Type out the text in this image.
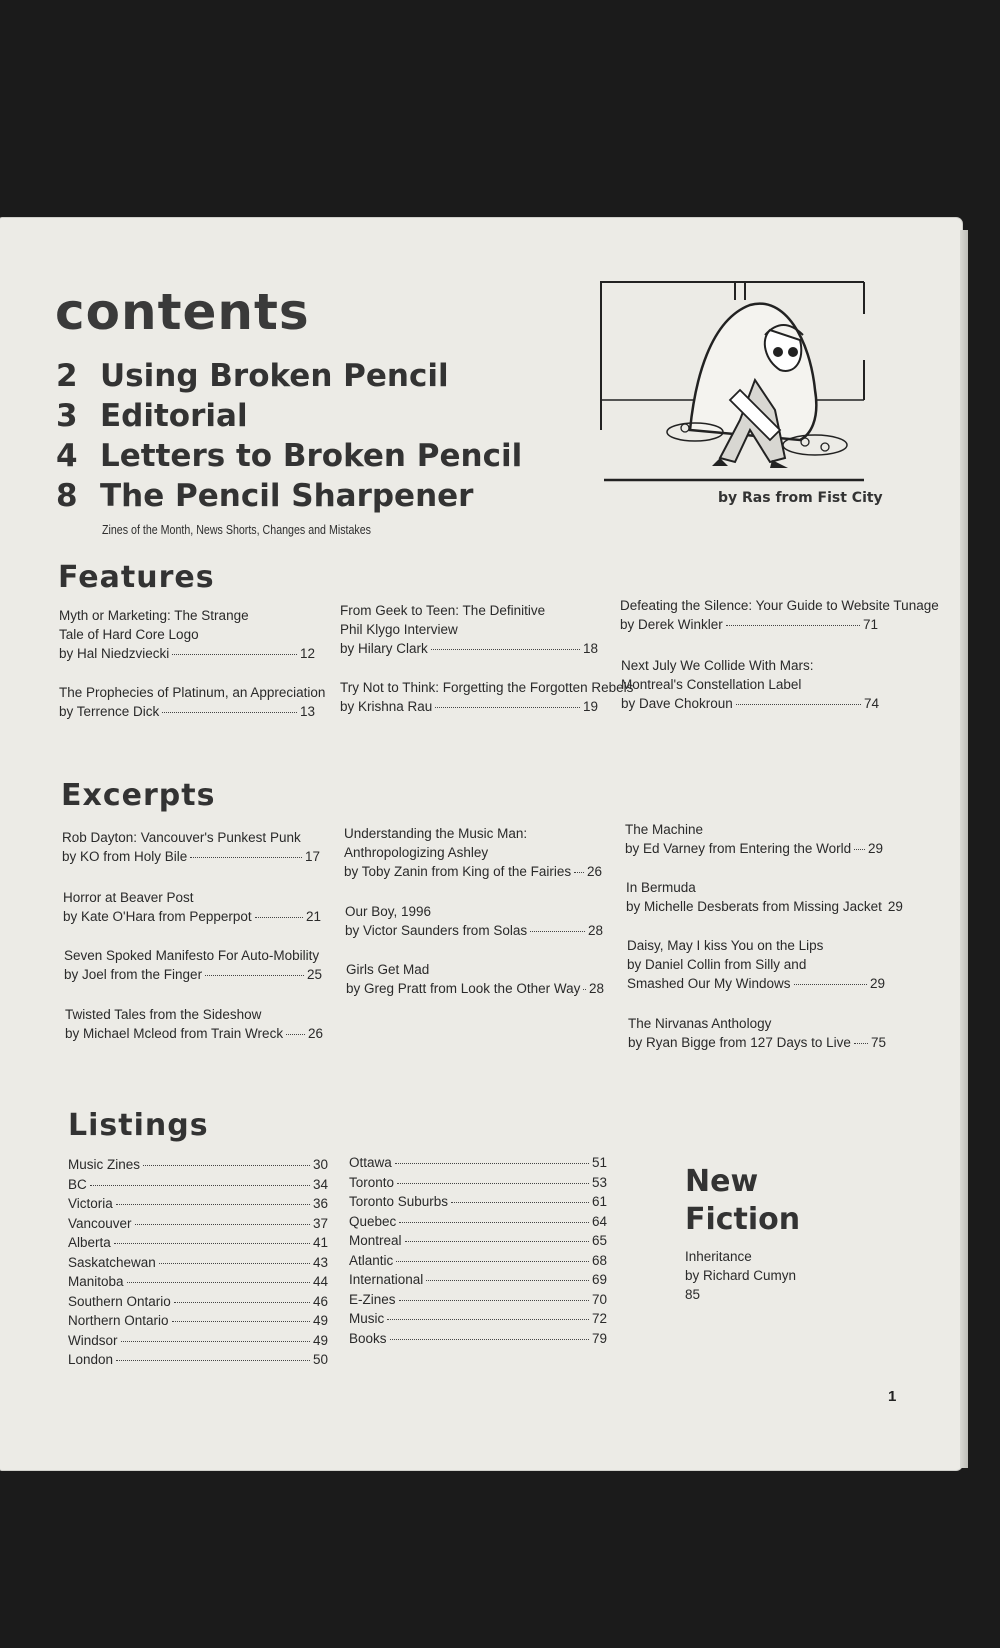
contents
2 Using Broken Pencil
3 Editorial
4 Letters to Broken Pencil
8 The Pencil Sharpener
Zines of the Month, News Shorts, Changes and Mistakes
by Ras from Fist City
Features
Myth or Marketing: The Strange
Tale of Hard Core Logo
by Hal Niedzviecki	12
The Prophecies of Platinum, an Appreciation
by Terrence Dick	13
From Geek to Teen: The Definitive
Phil Klygo Interview
by Hilary Clark	18
Try Not to Think: Forgetting the Forgotten Rebels
by Krishna Rau	19
Defeating the Silence: Your Guide to Website Tunage
by Derek Winkler	71
Next July We Collide With Mars:
Montreal's Constellation Label
by Dave Chokroun	74
Excerpts
Rob Dayton: Vancouver's Punkest Punk
by KO from Holy Bile	17
Horror at Beaver Post
by Kate O'Hara from Pepperpot	21
Seven Spoked Manifesto For Auto-Mobility
by Joel from the Finger	25
Twisted Tales from the Sideshow
by Michael Mcleod from Train Wreck 26
Understanding the Music Man:
Anthropologizing Ashley
by Toby Zanin from King of the Fairies 26
Our Boy, 1996
by Victor Saunders from Solas	28
Girls Get Mad
by Greg Pratt from Look the Other Way 28
The Machine
by Ed Varney from Entering the World 29
In Bermuda
by Michelle Desberats from Missing Jacket 29
Daisy, May I kiss You on the Lips
by Daniel Collin from Silly and
Smashed Our My Windows	29
The Nirvanas Anthology
by Ryan Bigge from 127 Days to Live 75
Listings
Music Zines	30
BC	34
Victoria	36
Vancouver	37
Alberta	41
Saskatchewan	43
Manitoba	44
Southern Ontario	46
Northern Ontario	49
Windsor	49
London	50
Ottawa	51
Toronto	53
Toronto Suburbs	61
Quebec	64
Montreal	65
Atlantic	68
International	69
E-Zines	70
Music	72
Books	79
New
Fiction
Inheritance
by Richard Cumyn
85
1
